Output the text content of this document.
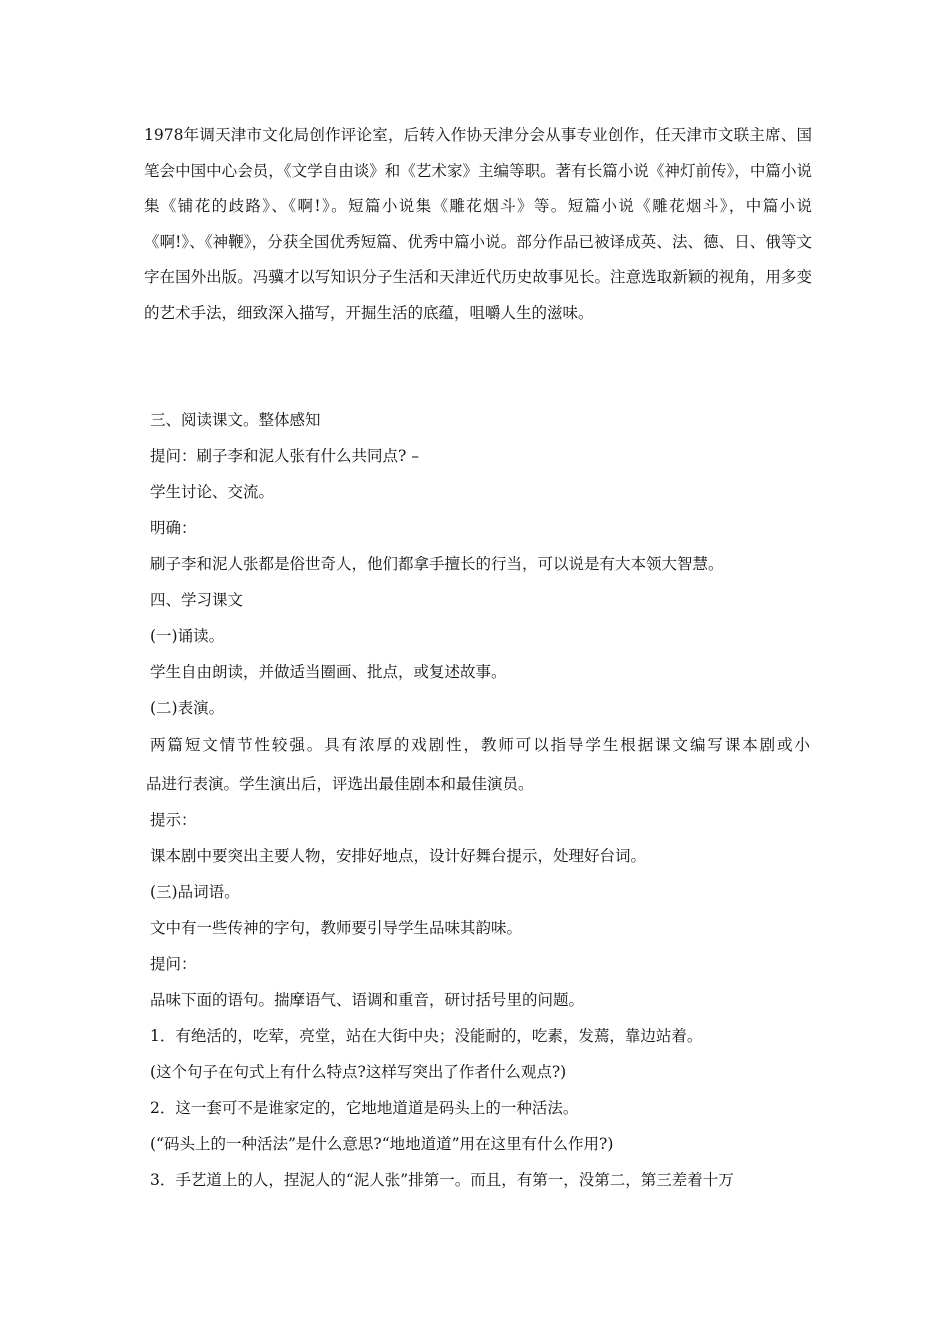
1978年调天津市文化局创作评论室，后转入作协天津分会从事专业创作，任天津市文联主席、国笔会中国中心会员，《文学自由谈》和《艺术家》主编等职。著有长篇小说《神灯前传》，中篇小说集《铺花的歧路》、《啊!》。短篇小说集《雕花烟斗》等。短篇小说《雕花烟斗》，中篇小说《啊!》、《神鞭》，分获全国优秀短篇、优秀中篇小说。部分作品已被译成英、法、德、日、俄等文字在国外出版。冯骥才以写知识分子生活和天津近代历史故事见长。注意选取新颖的视角，用多变的艺术手法，细致深入描写，开掘生活的底蕴，咀嚼人生的滋味。

三、阅读课文。整体感知

提问：刷子李和泥人张有什么共同点? –

学生讨论、交流。

明确：

刷子李和泥人张都是俗世奇人，他们都拿手擅长的行当，可以说是有大本领大智慧。

四、学习课文

(一)诵读。

学生自由朗读，并做适当圈画、批点，或复述故事。

(二)表演。

两篇短文情节性较强。具有浓厚的戏剧性，教师可以指导学生根据课文编写课本剧或小

品进行表演。学生演出后，评选出最佳剧本和最佳演员。

提示：

课本剧中要突出主要人物，安排好地点，设计好舞台提示，处理好台词。

(三)品词语。

文中有一些传神的字句，教师要引导学生品味其韵味。

提问：

品味下面的语句。揣摩语气、语调和重音，研讨括号里的问题。

1．有绝活的，吃荤，亮堂，站在大街中央；没能耐的，吃素，发蔫，靠边站着。

(这个句子在句式上有什么特点?这样写突出了作者什么观点?)

2．这一套可不是谁家定的，它地地道道是码头上的一种活法。

(“码头上的一种活法”是什么意思?“地地道道”用在这里有什么作用?)

3．手艺道上的人，捏泥人的“泥人张”排第一。而且，有第一，没第二，第三差着十万
